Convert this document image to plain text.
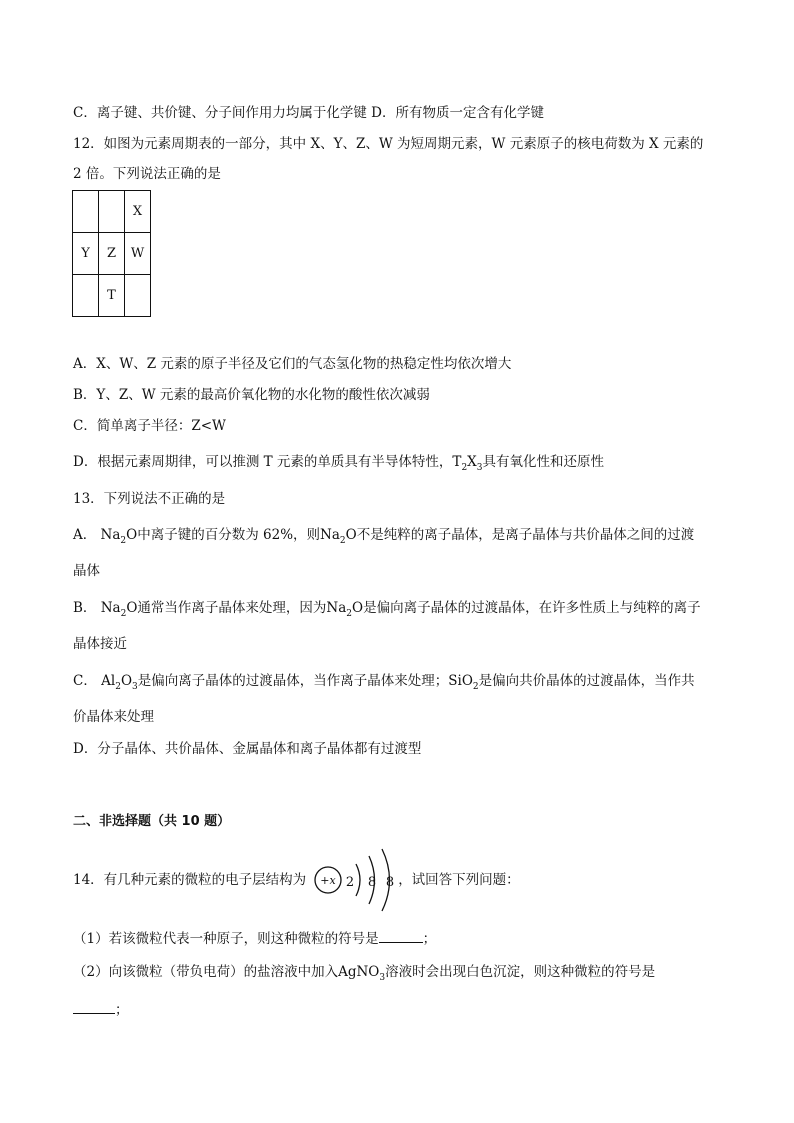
C．离子键、共价键、分子间作用力均属于化学键 D．所有物质一定含有化学键
12．如图为元素周期表的一部分，其中 X、Y、Z、W 为短周期元素，W 元素原子的核电荷数为 X 元素的
2 倍。下列说法正确的是
		X
Y	Z	W
	T	
A．X、W、Z 元素的原子半径及它们的气态氢化物的热稳定性均依次增大
B．Y、Z、W 元素的最高价氧化物的水化物的酸性依次减弱
C．简单离子半径：Z<W
D．根据元素周期律，可以推测 T 元素的单质具有半导体特性，$T_2X_3$具有氧化性和还原性
13．下列说法不正确的是
A． $Na_2O$中离子键的百分数为 62%，则$Na_2O$不是纯粹的离子晶体，是离子晶体与共价晶体之间的过渡
晶体
B． $Na_2O$通常当作离子晶体来处理，因为$Na_2O$是偏向离子晶体的过渡晶体，在许多性质上与纯粹的离子
晶体接近
C． $Al_2O_3$是偏向离子晶体的过渡晶体，当作离子晶体来处理；SiO$_2$是偏向共价晶体的过渡晶体，当作共
价晶体来处理
D．分子晶体、共价晶体、金属晶体和离子晶体都有过渡型
二、非选择题（共 10 题）
14．有几种元素的微粒的电子层结构为	，试回答下列问题：
+x 2 8 8
（1）若该微粒代表一种原子，则这种微粒的符号是	；
（2）向该微粒（带负电荷）的盐溶液中加入AgNO$_3$溶液时会出现白色沉淀，则这种微粒的符号是
；
